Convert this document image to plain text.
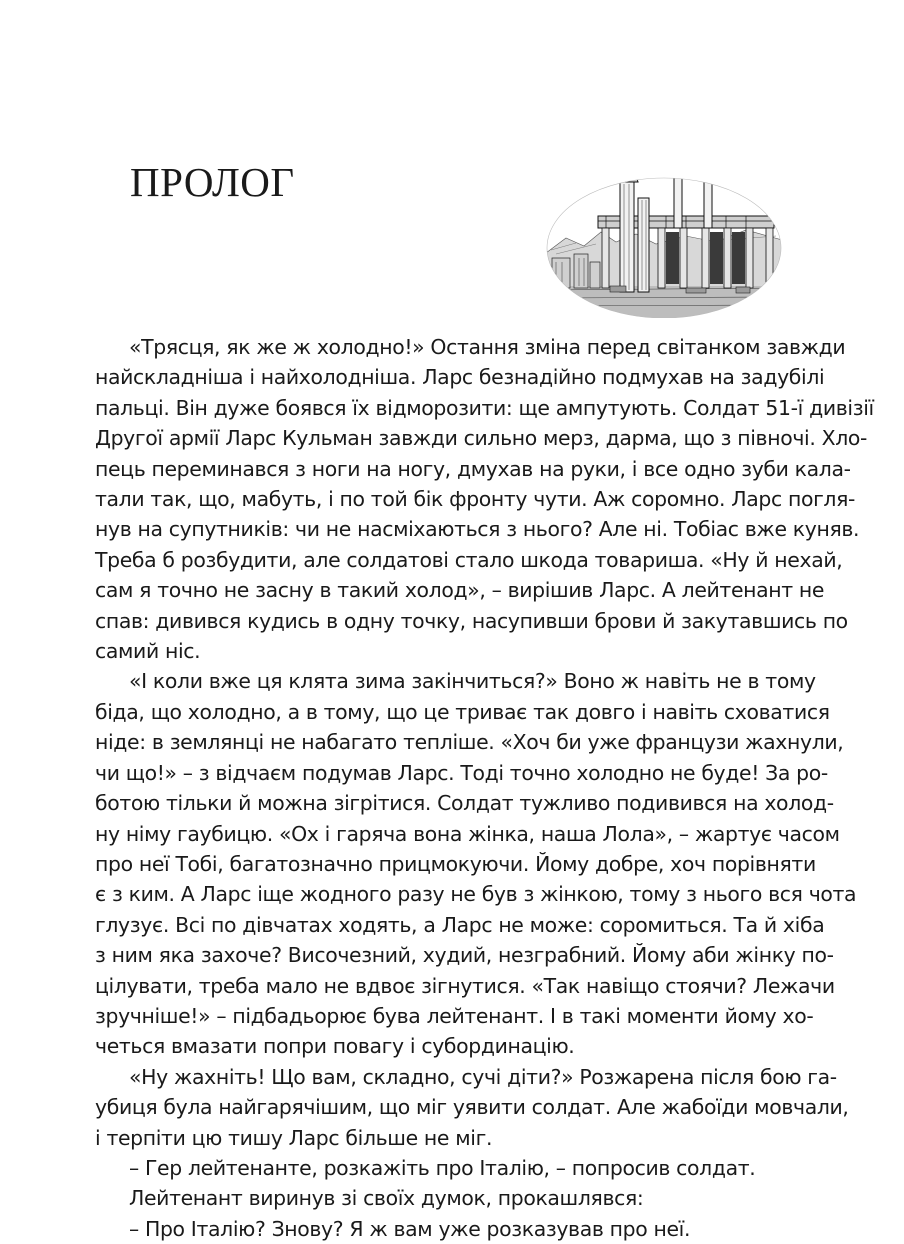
ПРОЛОГ

«Трясця, як же ж холодно!» Остання зміна перед світанком завжди
найскладніша і найхолодніша. Ларс безнадійно подмухав на задубілі
пальці. Він дуже боявся їх відморозити: ще ампутують. Солдат 51-ї дивізії
Другої армії Ларс Кульман завжди сильно мерз, дарма, що з півночі. Хло-
пець переминався з ноги на ногу, дмухав на руки, і все одно зуби кала-
тали так, що, мабуть, і по той бік фронту чути. Аж соромно. Ларс погля-
нув на супутників: чи не насміхаються з нього? Але ні. Тобіас вже куняв.
Треба б розбудити, але солдатові стало шкода товариша. «Ну й нехай,
сам я точно не засну в такий холод», – вирішив Ларс. А лейтенант не
спав: дивився кудись в одну точку, насупивши брови й закутавшись по
самий ніс.

«І коли вже ця клята зима закінчиться?» Воно ж навіть не в тому
біда, що холодно, а в тому, що це триває так довго і навіть сховатися
ніде: в землянці не набагато тепліше. «Хоч би уже французи жахнули,
чи що!» – з відчаєм подумав Ларс. Тоді точно холодно не буде! За ро-
ботою тільки й можна зігрітися. Солдат тужливо подивився на холод-
ну німу гаубицю. «Ох і гаряча вона жінка, наша Лола», – жартує часом
про неї Тобі, багатозначно прицмокуючи. Йому добре, хоч порівняти
є з ким. А Ларс іще жодного разу не був з жінкою, тому з нього вся чота
глузує. Всі по дівчатах ходять, а Ларс не може: соромиться. Та й хіба
з ним яка захоче? Височезний, худий, незграбний. Йому аби жінку по-
цілувати, треба мало не вдвоє зігнутися. «Так навіщо стоячи? Лежачи
зручніше!» – підбадьорює бува лейтенант. І в такі моменти йому хо-
четься вмазати попри повагу і субординацію.

«Ну жахніть! Що вам, складно, сучі діти?» Розжарена після бою га-
убиця була найгарячішим, що міг уявити солдат. Але жабоїди мовчали,
і терпіти цю тишу Ларс більше не міг.

– Гер лейтенанте, розкажіть про Італію, – попросив солдат.

Лейтенант виринув зі своїх думок, прокашлявся:

– Про Італію? Знову? Я ж вам уже розказував про неї.
